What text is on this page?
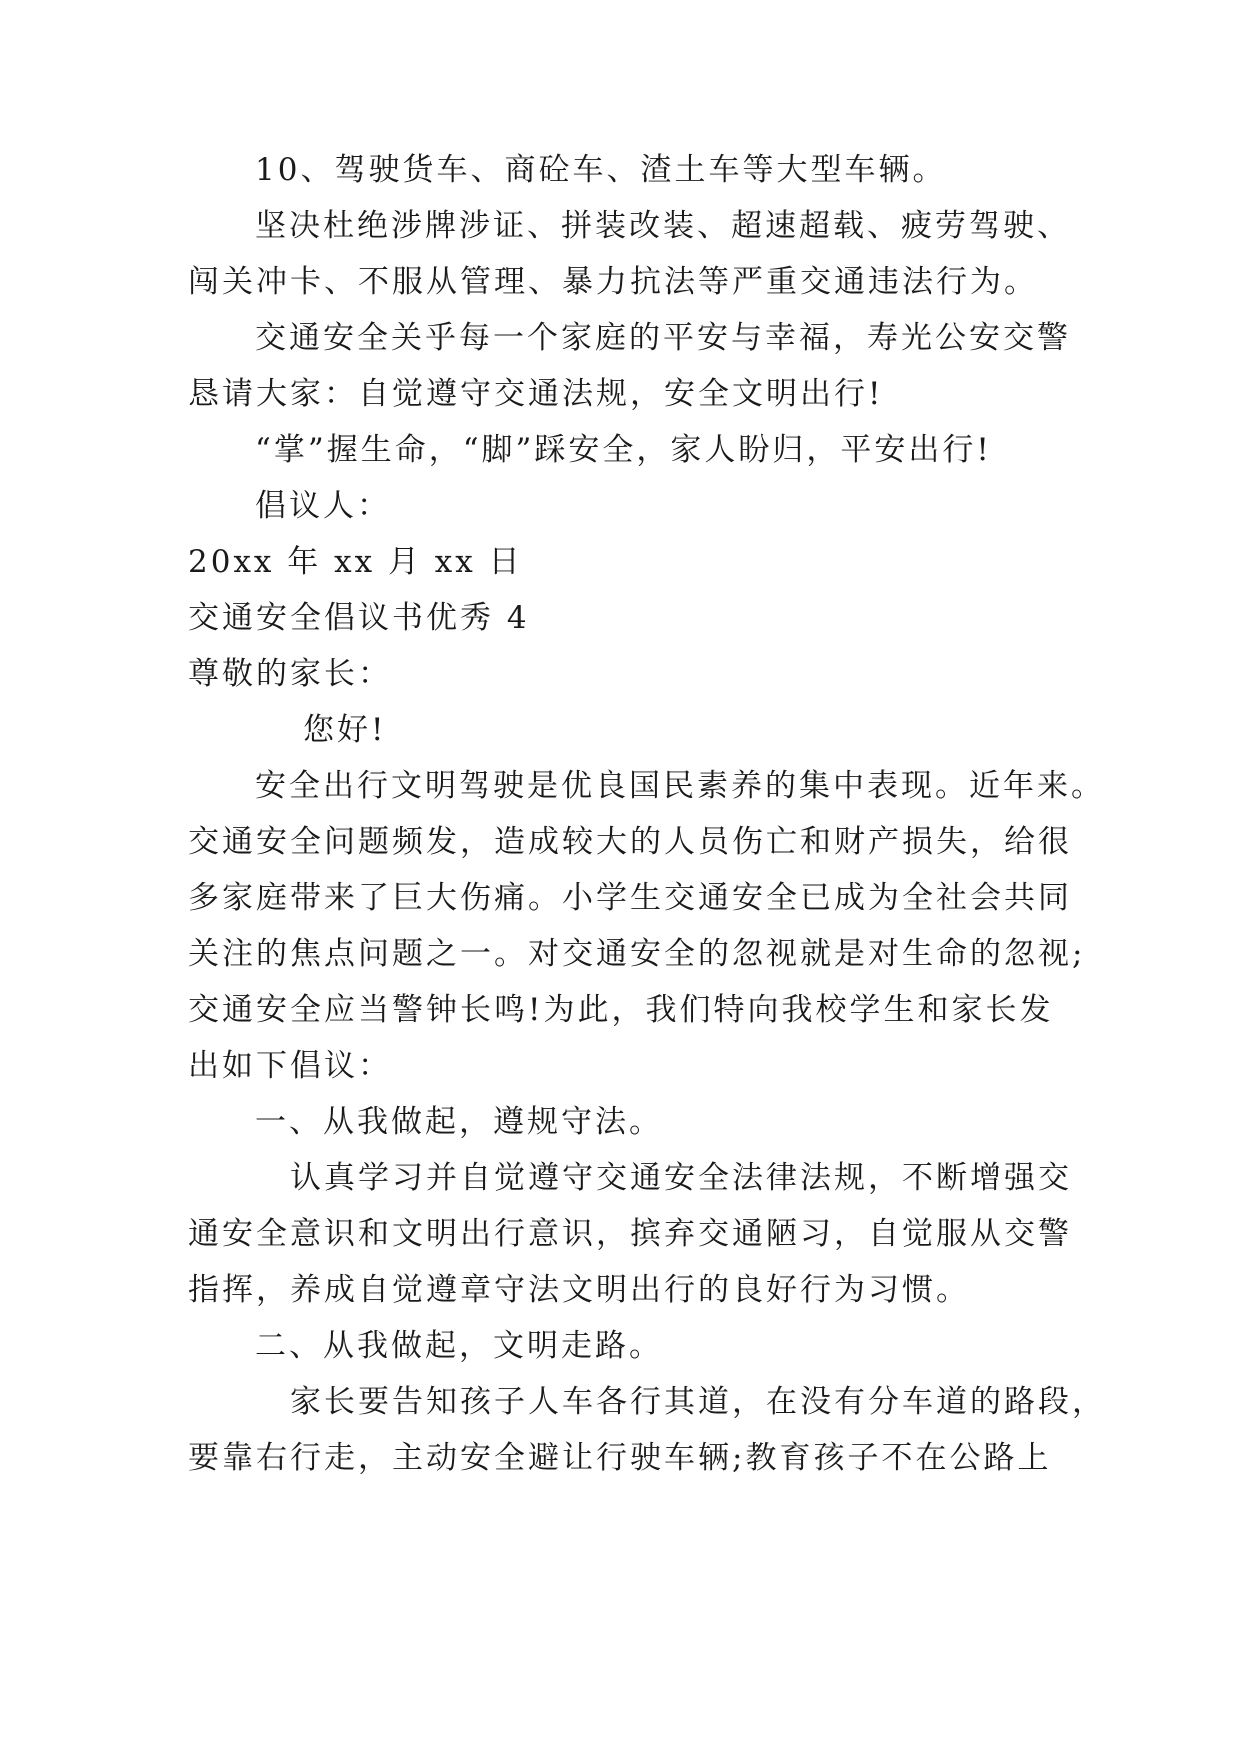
10、驾驶货车、商砼车、渣土车等大型车辆。
坚决杜绝涉牌涉证、拼装改装、超速超载、疲劳驾驶、
闯关冲卡、不服从管理、暴力抗法等严重交通违法行为。
交通安全关乎每一个家庭的平安与幸福，寿光公安交警
恳请大家：自觉遵守交通法规，安全文明出行!
“掌”握生命，“脚”踩安全，家人盼归，平安出行!
倡议人：
20xx 年 xx 月 xx 日
交通安全倡议书优秀 4
尊敬的家长：
您好!
安全出行文明驾驶是优良国民素养的集中表现。近年来。
交通安全问题频发，造成较大的人员伤亡和财产损失，给很
多家庭带来了巨大伤痛。小学生交通安全已成为全社会共同
关注的焦点问题之一。对交通安全的忽视就是对生命的忽视;
交通安全应当警钟长鸣!为此，我们特向我校学生和家长发
出如下倡议：
一、从我做起，遵规守法。
认真学习并自觉遵守交通安全法律法规，不断增强交
通安全意识和文明出行意识，摈弃交通陋习，自觉服从交警
指挥，养成自觉遵章守法文明出行的良好行为习惯。
二、从我做起，文明走路。
家长要告知孩子人车各行其道，在没有分车道的路段，
要靠右行走，主动安全避让行驶车辆;教育孩子不在公路上
